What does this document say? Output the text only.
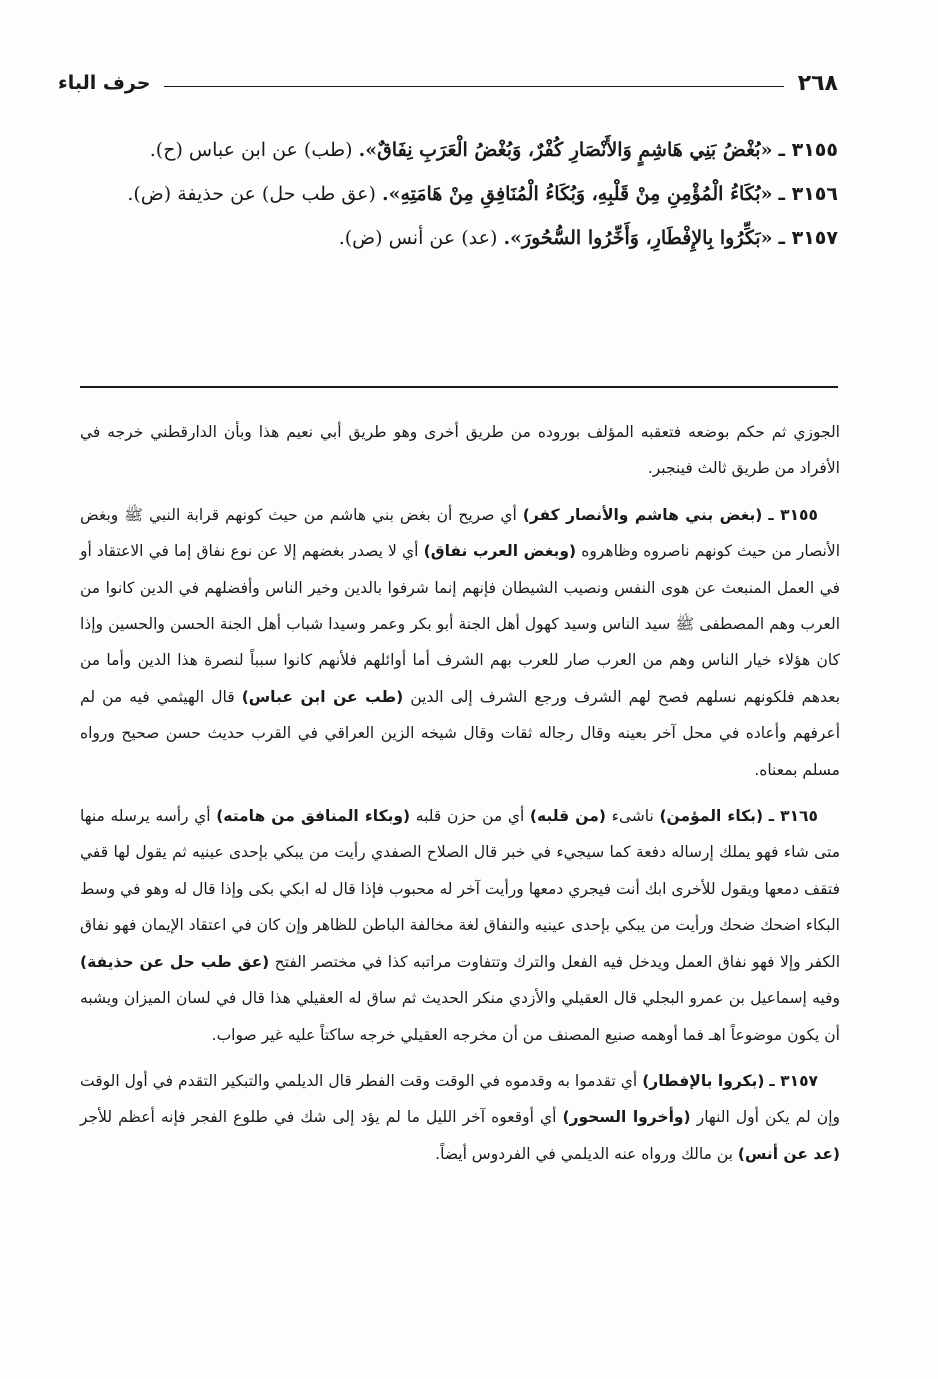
٢٦٨
حرف الباء

٣١٥٥ ـ «بُغْضُ بَنِي هَاشِمٍ وَالأَنْصَارِ كُفْرٌ، وَبُغْضُ الْعَرَبِ نِفَاقٌ». (طب) عن ابن عباس (ح).

٣١٥٦ ـ «بُكَاءُ الْمُؤْمِنِ مِنْ قَلْبِهِ، وَبُكَاءُ الْمُنَافِقِ مِنْ هَامَتِهِ». (عق طب حل) عن حذيفة (ض).

٣١٥٧ ـ «بَكِّرُوا بِالإِفْطَارِ، وَأَخِّرُوا السُّحُورَ». (عد) عن أنس (ض).

الجوزي ثم حكم بوضعه فتعقبه المؤلف بوروده من طريق أخرى وهو طريق أبي نعيم هذا وبأن الدارقطني خرجه في الأفراد من طريق ثالث فينجبر.

٣١٥٥ ـ (بغض بني هاشم والأنصار كفر) أي صريح أن بغض بني هاشم من حيث كونهم قرابة النبي ﷺ وبغض الأنصار من حيث كونهم ناصروه وظاهروه (وبغض العرب نفاق) أي لا يصدر بغضهم إلا عن نوع نفاق إما في الاعتقاد أو في العمل المنبعث عن هوى النفس ونصيب الشيطان فإنهم إنما شرفوا بالدين وخير الناس وأفضلهم في الدين كانوا من العرب وهم المصطفى ﷺ سيد الناس وسيد كهول أهل الجنة أبو بكر وعمر وسيدا شباب أهل الجنة الحسن والحسين وإذا كان هؤلاء خيار الناس وهم من العرب صار للعرب بهم الشرف أما أوائلهم فلأنهم كانوا سبباً لنصرة هذا الدين وأما من بعدهم فلكونهم نسلهم فصح لهم الشرف ورجع الشرف إلى الدين (طب عن ابن عباس) قال الهيثمي فيه من لم أعرفهم وأعاده في محل آخر بعينه وقال رجاله ثقات وقال شيخه الزين العراقي في القرب حديث حسن صحيح ورواه مسلم بمعناه.

٣١٦٥ ـ (بكاء المؤمن) ناشىء (من قلبه) أي من حزن قلبه (وبكاء المنافق من هامته) أي رأسه يرسله منها متى شاء فهو يملك إرساله دفعة كما سيجيء في خبر قال الصلاح الصفدي رأيت من يبكي بإحدى عينيه ثم يقول لها قفي فتقف دمعها ويقول للأخرى ابك أنت فيجري دمعها ورأيت آخر له محبوب فإذا قال له ابكي بكى وإذا قال له وهو في وسط البكاء اضحك ضحك ورأيت من يبكي بإحدى عينيه والنفاق لغة مخالفة الباطن للظاهر وإن كان في اعتقاد الإيمان فهو نفاق الكفر وإلا فهو نفاق العمل ويدخل فيه الفعل والترك وتتفاوت مراتبه كذا في مختصر الفتح (عق طب حل عن حذيفة) وفيه إسماعيل بن عمرو البجلي قال العقيلي والأزدي منكر الحديث ثم ساق له العقيلي هذا قال في لسان الميزان ويشبه أن يكون موضوعاً اهـ فما أوهمه صنيع المصنف من أن مخرجه العقيلي خرجه ساكتاً عليه غير صواب.

٣١٥٧ ـ (بكروا بالإفطار) أي تقدموا به وقدموه في الوقت وقت الفطر قال الديلمي والتبكير التقدم في أول الوقت وإن لم يكن أول النهار (وأخروا السحور) أي أوقعوه آخر الليل ما لم يؤد إلى شك في طلوع الفجر فإنه أعظم للأجر (عد عن أنس) بن مالك ورواه عنه الديلمي في الفردوس أيضاً.
